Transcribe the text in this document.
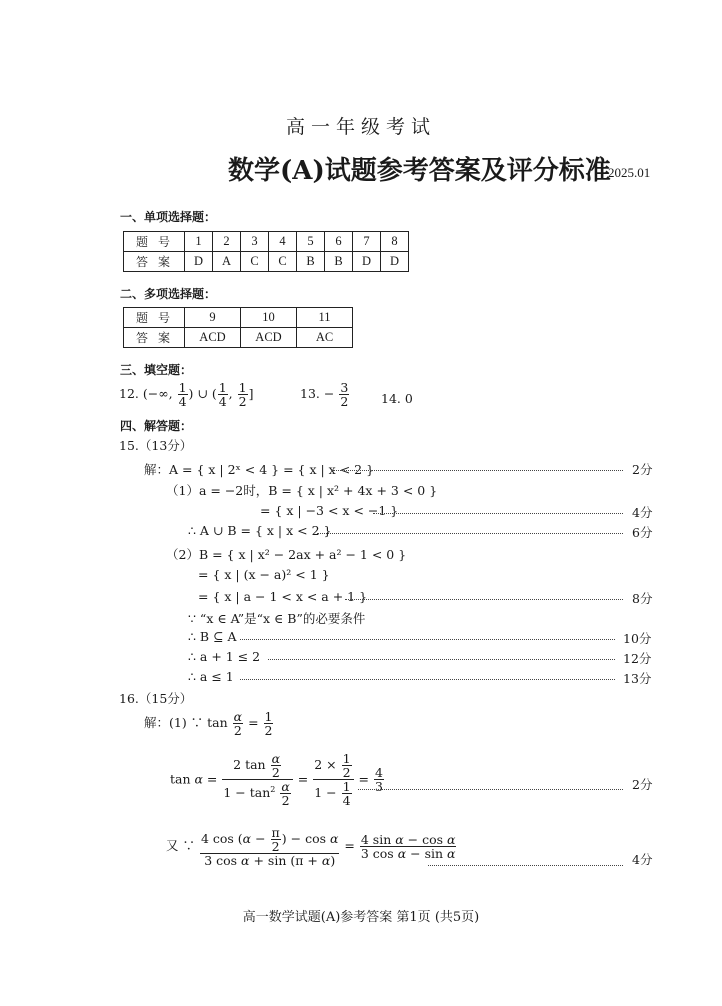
高一年级考试
数学(A)试题参考答案及评分标准
2025.01
一、单项选择题：
题号	1	2	3	4	5	6	7	8
答案	D	A	C	C	B	B	D	D
二、多项选择题：
题号	9	10	11
答案	ACD	ACD	AC
三、填空题：
12. (−∞, $\frac{1}{4}$ ) ∪ ( $\frac{1}{4}$ , $\frac{1}{2}$ ]	13. − $\frac{3}{2}$	14. 0
四、解答题：
15.（13分）
解：A = { x | 2ˣ < 4 } = { x | x < 2 }	2分
（1）a = −2时，B = { x | x² + 4x + 3 < 0 }
= { x | −3 < x < −1 }	4分
∴ A ∪ B = { x | x < 2 }	6分
（2）B = { x | x² − 2ax + a² − 1 < 0 }
= { x | (x − a)² < 1 }
= { x | a − 1 < x < a + 1 }	8分
∵ “x ∈ A”是“x ∈ B”的必要条件
∴ B ⊆ A	10分
∴ a + 1 ≤ 2	12分
∴ a ≤ 1	13分
16.（15分）
解：(1) ∵ $\tan \frac{\alpha}{2} = \frac{1}{2}$
$\tan \alpha = \frac{2 \tan \frac{\alpha}{2}}{1 - \tan^2 \frac{\alpha}{2}} = \frac{2 \times \frac{1}{2}}{1 - \frac{1}{4}} = \frac{4}{3}$	2分
又 ∵ $\frac{4 \cos (\alpha - \frac{\pi}{2} ) - \cos \alpha}{\text{3 cos α + sin (π + α)}} = \frac{\text{4 sin α − cos α}}{\text{3 cos α − sin α}}$	4分
高一数学试题(A)参考答案 第1页 (共5页)
